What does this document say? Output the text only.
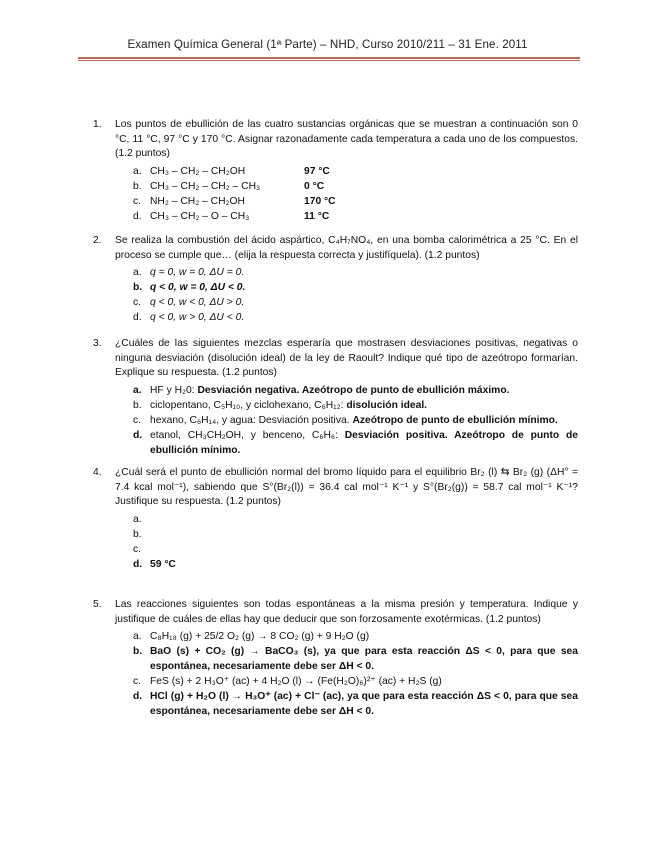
Examen Química General (1ª Parte) – NHD, Curso 2010/211 – 31 Ene. 2011
1. Los puntos de ebullición de las cuatro sustancias orgánicas que se muestran a continuación son 0 °C, 11 °C, 97 °C y 170 °C. Asignar razonadamente cada temperatura a cada uno de los compuestos. (1.2 puntos)
a. CH₃ – CH₂ – CH₂OH	97 °C
b. CH₃ – CH₂ – CH₂ – CH₃	0 °C
c. NH₂ – CH₂ – CH₂OH	170 °C
d. CH₃ – CH₂ – O – CH₃	11 °C
2. Se realiza la combustión del ácido aspártico, C₄H₇NO₄, en una bomba calorimétrica a 25 °C. En el proceso se cumple que… (elija la respuesta correcta y justifíquela). (1.2 puntos)
a. q = 0, w = 0, ΔU = 0.
b. q < 0, w = 0, ΔU < 0.
c. q < 0, w < 0, ΔU > 0.
d. q < 0, w > 0, ΔU < 0.
3. ¿Cuáles de las siguientes mezclas esperaría que mostrasen desviaciones positivas, negativas o ninguna desviación (disolución ideal) de la ley de Raoult? Indique qué tipo de azeótropo formarían. Explique su respuesta. (1.2 puntos)
a. HF y H₂0: Desviación negativa. Azeótropo de punto de ebullición máximo.
b. ciclopentano, C₅H₁₀, y ciclohexano, C₆H₁₂: disolución ideal.
c. hexano, C₆H₁₄, y agua: Desviación positiva. Azeótropo de punto de ebullición mínimo.
d. etanol, CH₃CH₂OH, y benceno, C₆H₆: Desviación positiva. Azeótropo de punto de ebullición mínimo.
4. ¿Cuál será el punto de ebullición normal del bromo líquido para el equilibrio Br₂ (l) ⇆ Br₂ (g) (ΔH° = 7.4 kcal mol⁻¹), sabiendo que S°(Br₂(l)) = 36.4 cal mol⁻¹ K⁻¹ y S°(Br₂(g)) = 58.7 cal mol⁻¹ K⁻¹? Justifique su respuesta. (1.2 puntos)
a.
b.
c.
d. 59 °C
5. Las reacciones siguientes son todas espontáneas a la misma presión y temperatura. Indique y justifique de cuáles de ellas hay que deducir que son forzosamente exotérmicas. (1.2 puntos)
a. C₈H₁₈ (g) + 25/2 O₂ (g) → 8 CO₂ (g) + 9 H₂O (g)
b. BaO (s) + CO₂ (g) → BaCO₃ (s), ya que para esta reacción ΔS < 0, para que sea espontánea, necesariamente debe ser ΔH < 0.
c. FeS (s) + 2 H₃O⁺ (ac) + 4 H₂O (l) → (Fe(H₂O)₆)²⁺ (ac) + H₂S (g)
d. HCl (g) + H₂O (l) → H₃O⁺ (ac) + Cl⁻ (ac), ya que para esta reacción ΔS < 0, para que sea espontánea, necesariamente debe ser ΔH < 0.
